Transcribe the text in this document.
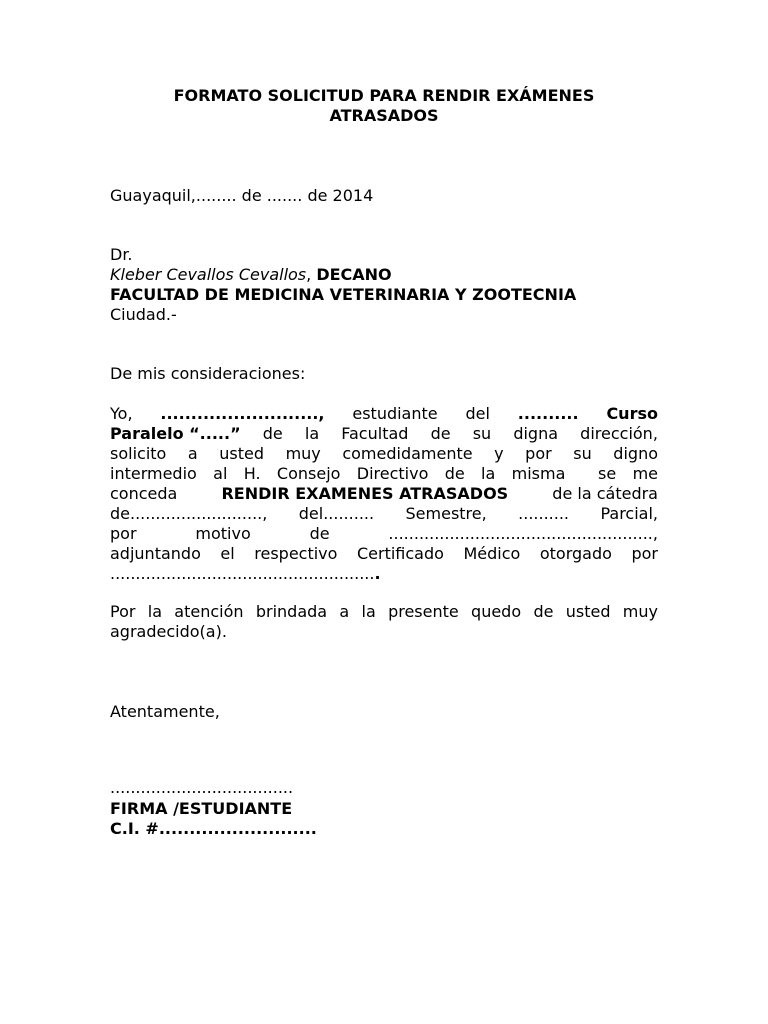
FORMATO SOLICITUD PARA RENDIR EXÁMENES
ATRASADOS
Guayaquil,........ de ....... de 2014
Dr.
Kleber Cevallos Cevallos, DECANO
FACULTAD DE MEDICINA VETERINARIA Y ZOOTECNIA
Ciudad.-
De mis consideraciones:
Yo, .........................., estudiante del .......... Curso
Paralelo “.....” de la Facultad de su digna dirección,
solicito a usted muy comedidamente y por su digno
intermedio al H. Consejo Directivo de la misma  se me
conceda	RENDIR EXAMENES ATRASADOS	de la cátedra
de.........................., del.......... Semestre, .......... Parcial,
por	motivo	de	....................................................,
adjuntando el respectivo Certificado Médico otorgado por
.....................................................
Por la atención brindada a la presente quedo de usted muy
agradecido(a).
Atentamente,
....................................
FIRMA /ESTUDIANTE
C.I. #..........................
